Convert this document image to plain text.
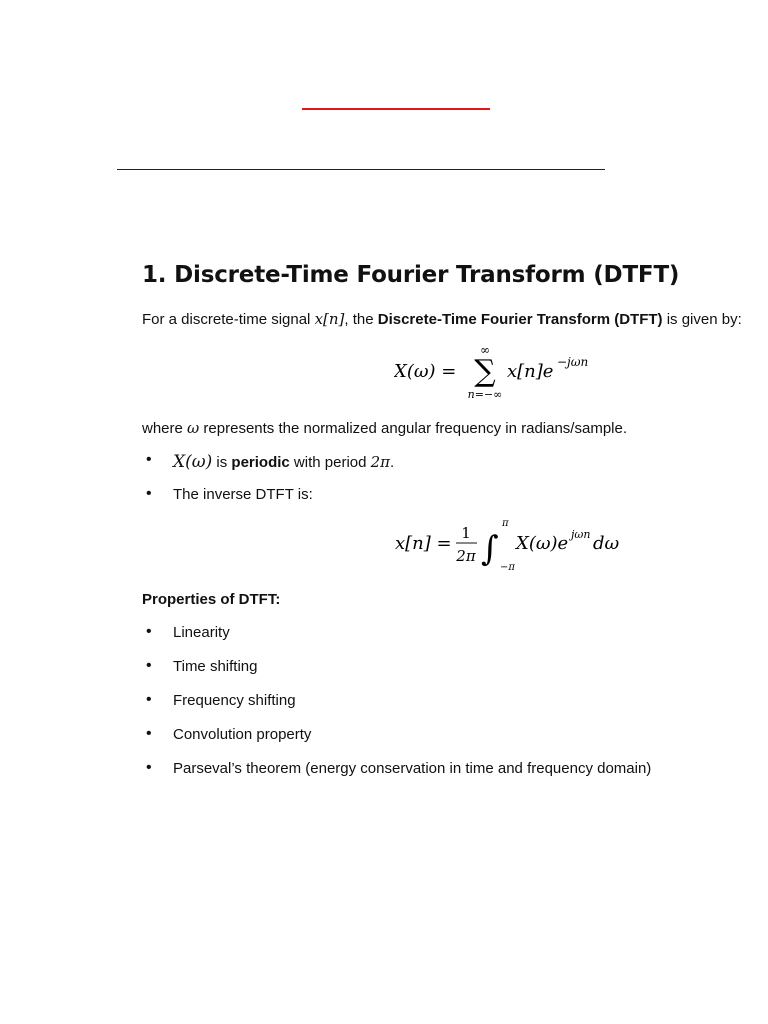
1. Discrete-Time Fourier Transform (DTFT)

For a discrete-time signal x[n], the Discrete-Time Fourier Transform (DTFT) is given by:

X(ω) =
∞
∑
n=−∞
x[n]e −jωn

where ω represents the normalized angular frequency in radians/sample.

• X(ω) is periodic with period 2π.
• The inverse DTFT is:
x[n] = 1
2π ∫
π
−π
X(ω)e jωn dω

Properties of DTFT:

• Linearity
• Time shifting
• Frequency shifting
• Convolution property
• Parseval’s theorem (energy conservation in time and frequency domain)
